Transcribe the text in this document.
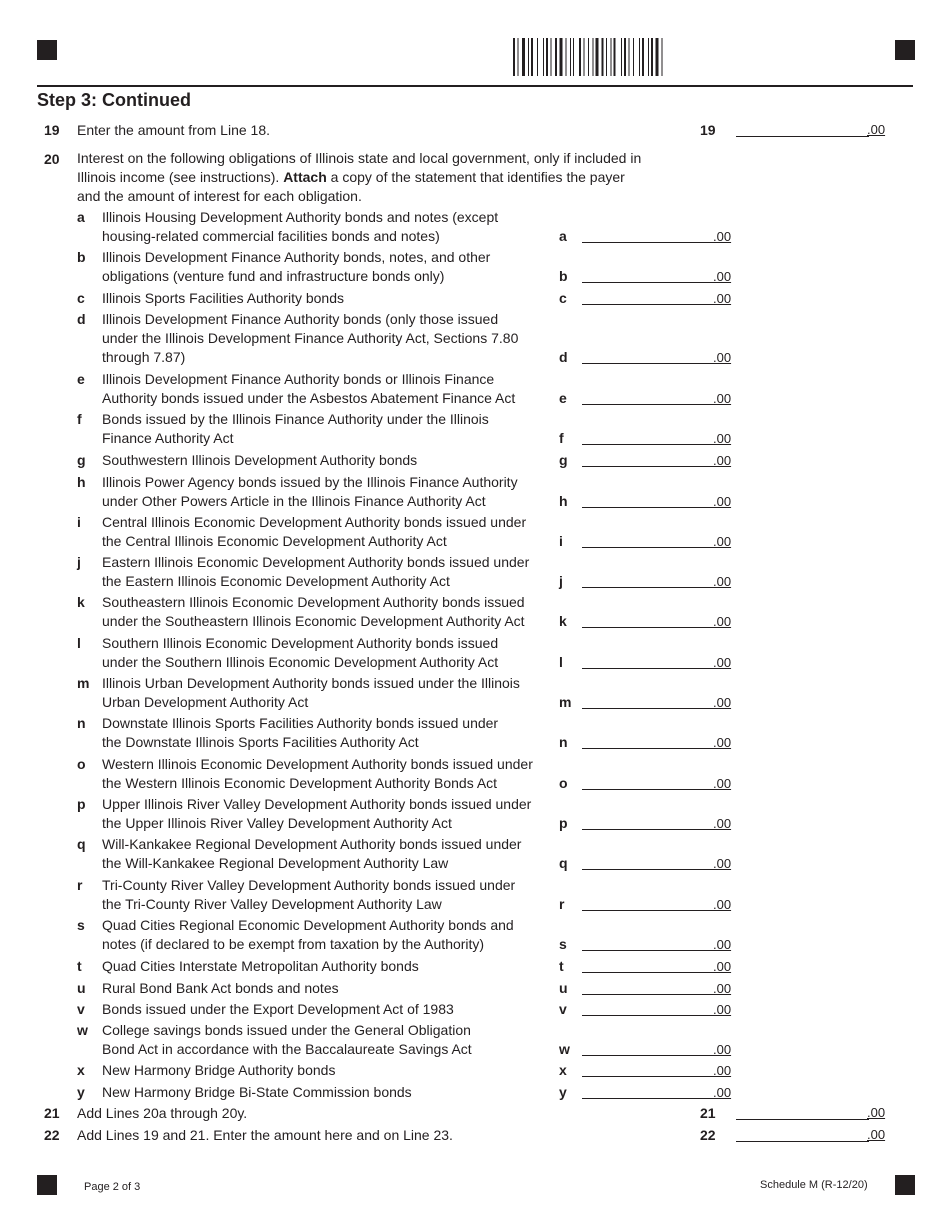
Step 3: Continued
19 Enter the amount from Line 18.	19	.00
20 Interest on the following obligations of Illinois state and local government, only if included in
Illinois income (see instructions). Attach a copy of the statement that identifies the payer
and the amount of interest for each obligation.
a Illinois Housing Development Authority bonds and notes (except
housing-related commercial facilities bonds and notes)	a	.00
b Illinois Development Finance Authority bonds, notes, and other
obligations (venture fund and infrastructure bonds only)	b	.00
c Illinois Sports Facilities Authority bonds	c	.00
d Illinois Development Finance Authority bonds (only those issued
under the Illinois Development Finance Authority Act, Sections 7.80
through 7.87)	d	.00
e Illinois Development Finance Authority bonds or Illinois Finance
Authority bonds issued under the Asbestos Abatement Finance Act	e	.00
f Bonds issued by the Illinois Finance Authority under the Illinois
Finance Authority Act	f	.00
g Southwestern Illinois Development Authority bonds	g	.00
h Illinois Power Agency bonds issued by the Illinois Finance Authority
under Other Powers Article in the Illinois Finance Authority Act	h	.00
i Central Illinois Economic Development Authority bonds issued under
the Central Illinois Economic Development Authority Act	i	.00
j Eastern Illinois Economic Development Authority bonds issued under
the Eastern Illinois Economic Development Authority Act	j	.00
k Southeastern Illinois Economic Development Authority bonds issued
under the Southeastern Illinois Economic Development Authority Act	k	.00
l Southern Illinois Economic Development Authority bonds issued
under the Southern Illinois Economic Development Authority Act	l	.00
m Illinois Urban Development Authority bonds issued under the Illinois
Urban Development Authority Act	m	.00
n Downstate Illinois Sports Facilities Authority bonds issued under
the Downstate Illinois Sports Facilities Authority Act	n	.00
o Western Illinois Economic Development Authority bonds issued under
the Western Illinois Economic Development Authority Bonds Act	o	.00
p Upper Illinois River Valley Development Authority bonds issued under
the Upper Illinois River Valley Development Authority Act	p	.00
q Will-Kankakee Regional Development Authority bonds issued under
the Will-Kankakee Regional Development Authority Law	q	.00
r Tri-County River Valley Development Authority bonds issued under
the Tri-County River Valley Development Authority Law	r	.00
s Quad Cities Regional Economic Development Authority bonds and
notes (if declared to be exempt from taxation by the Authority)	s	.00
t Quad Cities Interstate Metropolitan Authority bonds	t	.00
u Rural Bond Bank Act bonds and notes	u	.00
v Bonds issued under the Export Development Act of 1983	v	.00
w College savings bonds issued under the General Obligation
Bond Act in accordance with the Baccalaureate Savings Act	w	.00
x New Harmony Bridge Authority bonds	x	.00
y New Harmony Bridge Bi-State Commission bonds	y	.00
21 Add Lines 20a through 20y.	21	.00
22 Add Lines 19 and 21. Enter the amount here and on Line 23.	22	.00
Page 2 of 3	Schedule M (R-12/20)
